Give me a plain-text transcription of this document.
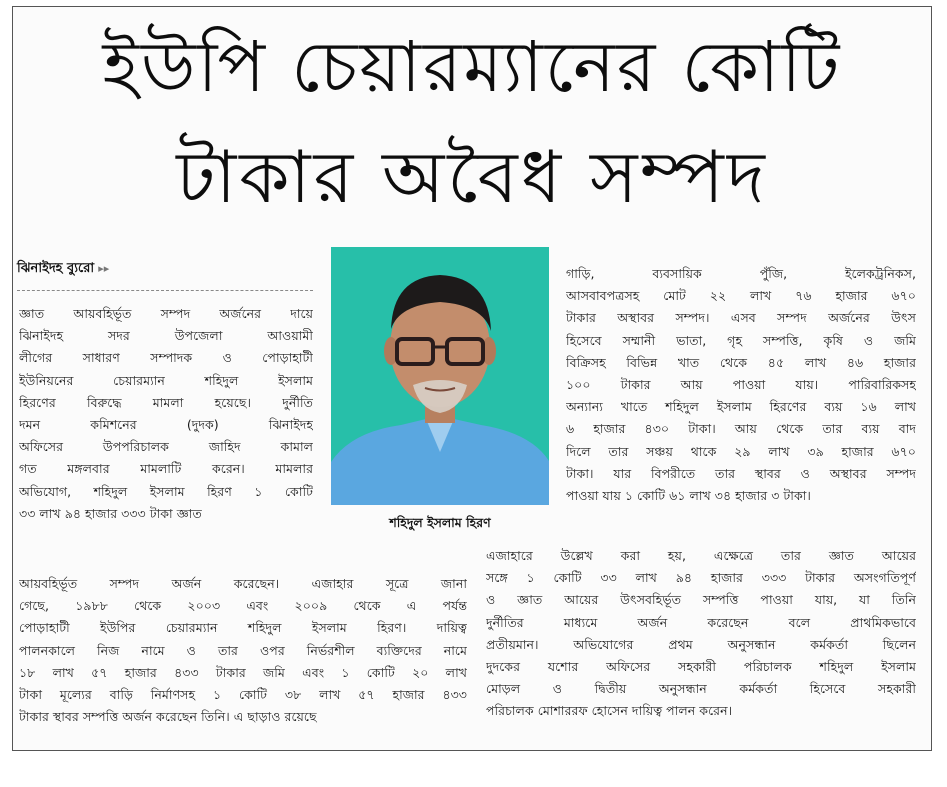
ইউপি চেয়ারম্যানের কোটি
টাকার অবৈধ সম্পদ
ঝিনাইদহ ব্যুরো ▸▸

জ্ঞাত আয়বহির্ভূত সম্পদ অর্জনের দায়ে

ঝিনাইদহ সদর উপজেলা আওয়ামী

লীগের সাধারণ সম্পাদক ও পোড়াহাটী

ইউনিয়নের চেয়ারম্যান শহিদুল ইসলাম

হিরণের বিরুদ্ধে মামলা হয়েছে। দুর্নীতি

দমন কমিশনের (দুদক) ঝিনাইদহ

অফিসের উপপরিচালক জাহিদ কামাল

গত মঙ্গলবার মামলাটি করেন। মামলার

অভিযোগ, শহিদুল ইসলাম হিরণ ১ কোটি

৩৩ লাখ ৯৪ হাজার ৩৩৩ টাকা জ্ঞাত

শহিদুল ইসলাম হিরণ

গাড়ি, ব্যবসায়িক পুঁজি, ইলেকট্রনিকস,

আসবাবপত্রসহ মোট ২২ লাখ ৭৬ হাজার ৬৭০

টাকার অস্থাবর সম্পদ। এসব সম্পদ অর্জনের উৎস

হিসেবে সম্মানী ভাতা, গৃহ সম্পত্তি, কৃষি ও জমি

বিক্রিসহ বিভিন্ন খাত থেকে ৪৫ লাখ ৪৬ হাজার

১০০ টাকার আয় পাওয়া যায়। পারিবারিকসহ

অন্যান্য খাতে শহিদুল ইসলাম হিরণের ব্যয় ১৬ লাখ

৬ হাজার ৪৩০ টাকা। আয় থেকে তার ব্যয় বাদ

দিলে তার সঞ্চয় থাকে ২৯ লাখ ৩৯ হাজার ৬৭০

টাকা। যার বিপরীতে তার স্থাবর ও অস্থাবর সম্পদ

পাওয়া যায় ১ কোটি ৬১ লাখ ৩৪ হাজার ৩ টাকা।

আয়বহির্ভূত সম্পদ অর্জন করেছেন। এজাহার সূত্রে জানা

গেছে, ১৯৮৮ থেকে ২০০৩ এবং ২০০৯ থেকে এ পর্যন্ত

পোড়াহাটী ইউপির চেয়ারম্যান শহিদুল ইসলাম হিরণ। দায়িত্ব

পালনকালে নিজ নামে ও তার ওপর নির্ভরশীল ব্যক্তিদের নামে

১৮ লাখ ৫৭ হাজার ৪৩৩ টাকার জমি এবং ১ কোটি ২০ লাখ

টাকা মূল্যের বাড়ি নির্মাণসহ ১ কোটি ৩৮ লাখ ৫৭ হাজার ৪৩৩

টাকার স্থাবর সম্পত্তি অর্জন করেছেন তিনি। এ ছাড়াও রয়েছে

এজাহারে উল্লেখ করা হয়, এক্ষেত্রে তার জ্ঞাত আয়ের

সঙ্গে ১ কোটি ৩৩ লাখ ৯৪ হাজার ৩৩৩ টাকার অসংগতিপূর্ণ

ও জ্ঞাত আয়ের উৎসবহির্ভূত সম্পত্তি পাওয়া যায়, যা তিনি

দুর্নীতির মাধ্যমে অর্জন করেছেন বলে প্রাথমিকভাবে

প্রতীয়মান। অভিযোগের প্রথম অনুসন্ধান কর্মকর্তা ছিলেন

দুদকের যশোর অফিসের সহকারী পরিচালক শহিদুল ইসলাম

মোড়ল ও দ্বিতীয় অনুসন্ধান কর্মকর্তা হিসেবে সহকারী

পরিচালক মোশাররফ হোসেন দায়িত্ব পালন করেন।
